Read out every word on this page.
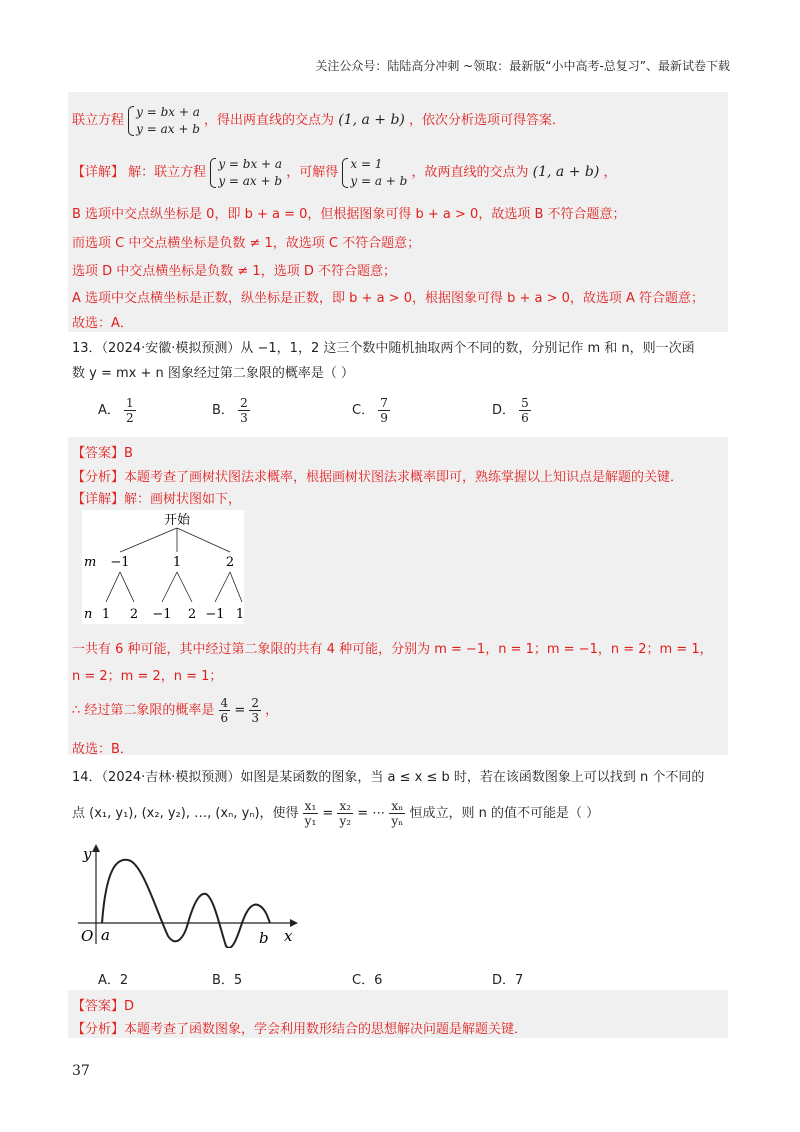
关注公众号：陆陆高分冲刺 ~领取：最新版“小中高考-总复习”、最新试卷下载
联立方程
y = bx + a
y = ax + b
，得出两直线的交点为 (1, a + b) ，依次分析选项可得答案．
【详解】 解：联立方程
y = bx + a
y = ax + b
，可解得
x = 1
y = a + b
，故两直线的交点为 (1, a + b) ，
B 选项中交点纵坐标是 0，即 b + a = 0，但根据图象可得 b + a > 0，故选项 B 不符合题意；
而选项 C 中交点横坐标是负数 ≠ 1，故选项 C 不符合题意；
选项 D 中交点横坐标是负数 ≠ 1，选项 D 不符合题意；
A 选项中交点横坐标是正数，纵坐标是正数，即 b + a > 0，根据图象可得 b + a > 0，故选项 A 符合题意；
故选：A．
13．（2024·安徽·模拟预测）从 −1，1，2 这三个数中随机抽取两个不同的数，分别记作 m 和 n，则一次函
数 y = mx + n 图象经过第二象限的概率是（ ）
A． $\frac{1}{2}$	B． $\frac{2}{3}$	C． $\frac{7}{9}$	D． $\frac{5}{6}$
【答案】B
【分析】本题考查了画树状图法求概率，根据画树状图法求概率即可，熟练掌握以上知识点是解题的关键．
【详解】解：画树状图如下，
开始
m −1	1	2
n 1 2 −1 2 −1 1
一共有 6 种可能，其中经过第二象限的共有 4 种可能，分别为 m = −1，n = 1；m = −1，n = 2；m = 1，
n = 2；m = 2，n = 1；
∴ 经过第二象限的概率是 $\frac{4}{6} = \frac{2}{3}$ ，
故选：B．
14．（2024·吉林·模拟预测）如图是某函数的图象，当 a ≤ x ≤ b 时，若在该函数图象上可以找到 n 个不同的
点 (x₁, y₁), (x₂, y₂), …, (xₙ, yₙ)，使得 $\frac{\text{x₁}}{\text{y₁}} = \frac{\text{x₂}}{\text{y₂}}$ = ⋯ $\frac{\text{xₙ}}{\text{yₙ}}$ 恒成立，则 n 的值不可能是（ ）
y
x
O a	b
A．2	B．5	C．6	D．7
【答案】D
【分析】本题考查了函数图象，学会利用数形结合的思想解决问题是解题关键．
37
